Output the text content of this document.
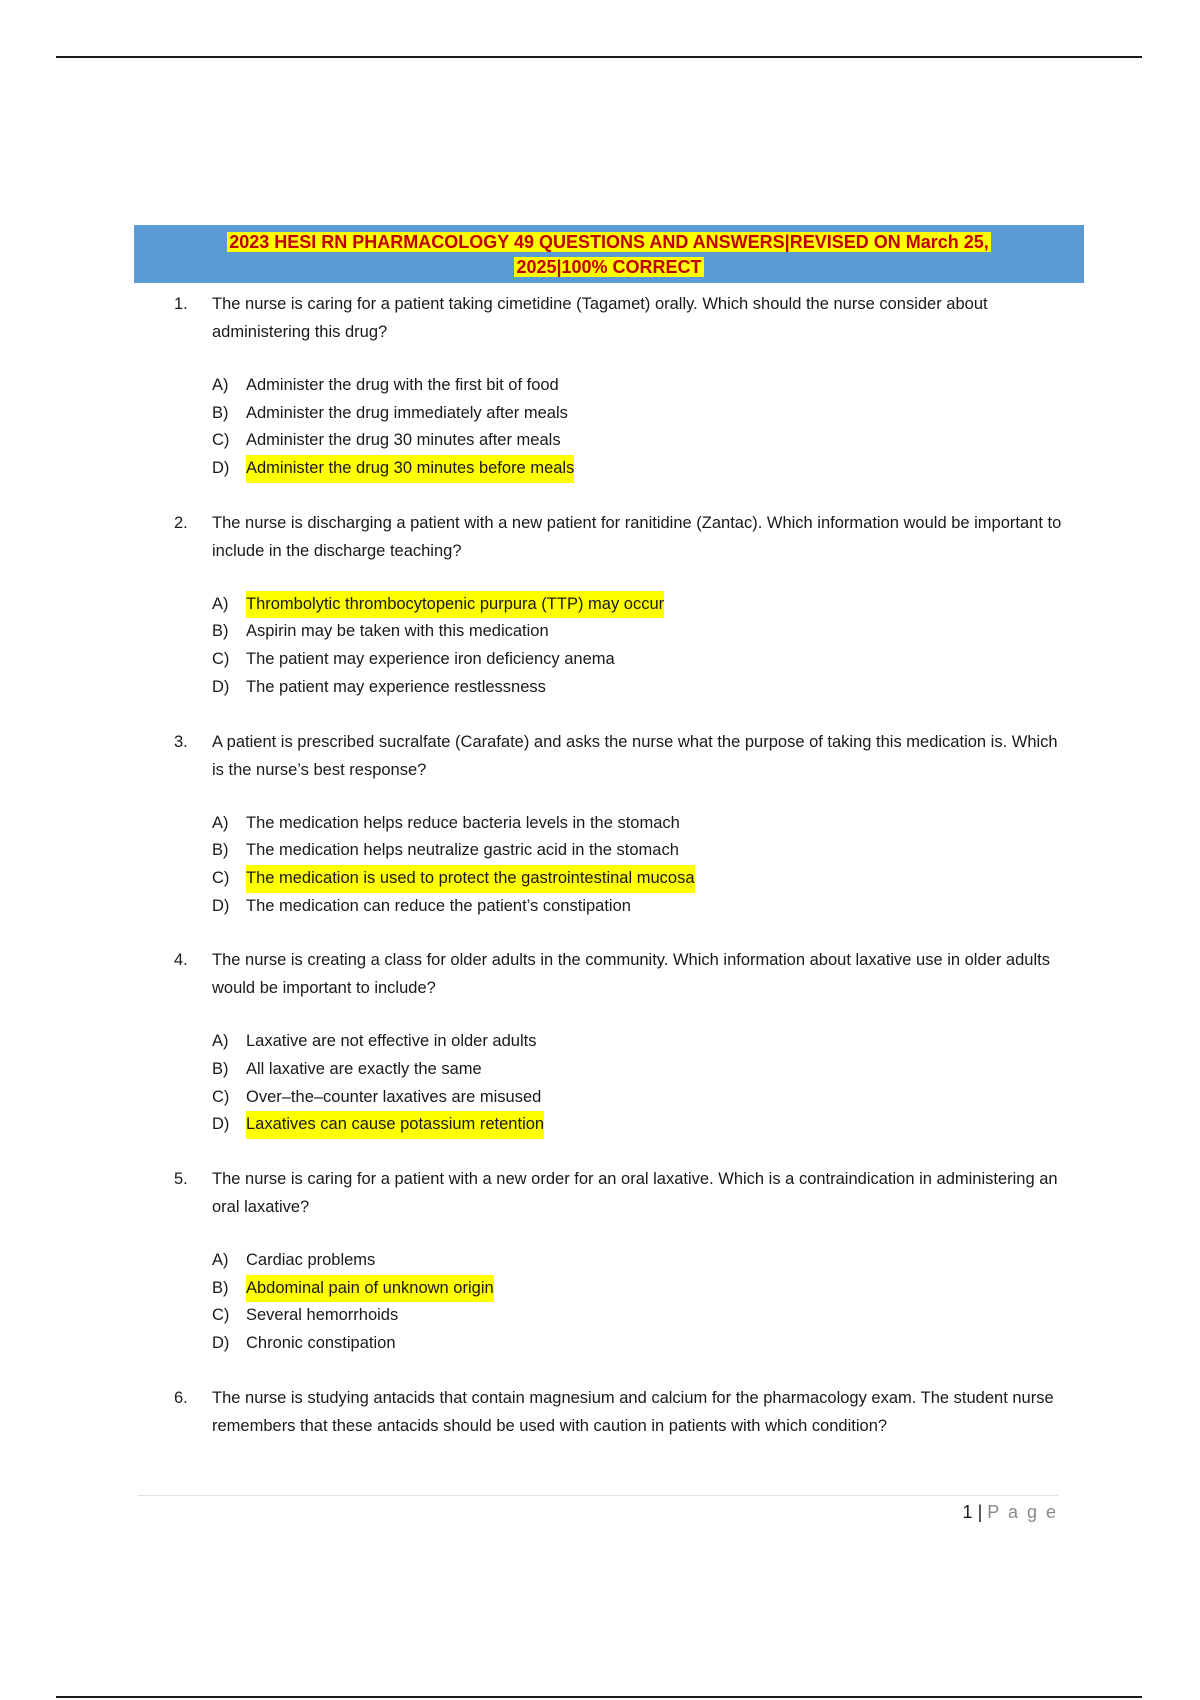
2023 HESI RN PHARMACOLOGY 49 QUESTIONS AND ANSWERS|REVISED ON March 25,
2025|100% CORRECT
1.	The nurse is caring for a patient taking cimetidine (Tagamet) orally. Which should the nurse consider about administering this drug?
A)	Administer the drug with the first bit of food
B)	Administer the drug immediately after meals
C)	Administer the drug 30 minutes after meals
D)	Administer the drug 30 minutes before meals
2.	The nurse is discharging a patient with a new patient for ranitidine (Zantac). Which information would be important to include in the discharge teaching?
A)	Thrombolytic thrombocytopenic purpura (TTP) may occur
B)	Aspirin may be taken with this medication
C)	The patient may experience iron deficiency anema
D)	The patient may experience restlessness
3.	A patient is prescribed sucralfate (Carafate) and asks the nurse what the purpose of taking this medication is. Which is the nurse’s best response?
A)	The medication helps reduce bacteria levels in the stomach
B)	The medication helps neutralize gastric acid in the stomach
C)	The medication is used to protect the gastrointestinal mucosa
D)	The medication can reduce the patient’s constipation
4.	The nurse is creating a class for older adults in the community. Which information about laxative use in older adults would be important to include?
A)	Laxative are not effective in older adults
B)	All laxative are exactly the same
C)	Over–the–counter laxatives are misused
D)	Laxatives can cause potassium retention
5.	The nurse is caring for a patient with a new order for an oral laxative. Which is a contraindication in administering an oral laxative?
A)	Cardiac problems
B)	Abdominal pain of unknown origin
C)	Several hemorrhoids
D)	Chronic constipation
6.	The nurse is studying antacids that contain magnesium and calcium for the pharmacology exam. The student nurse remembers that these antacids should be used with caution in patients with which condition?
1 | P a g e
